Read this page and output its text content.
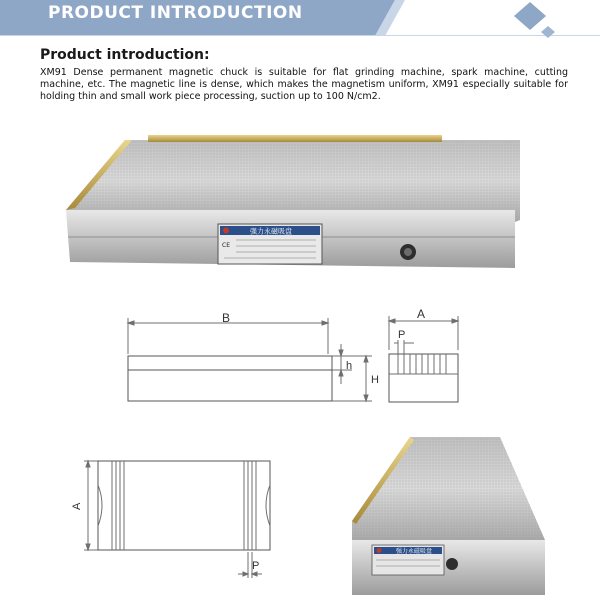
PRODUCT INTRODUCTION
Product introduction:
XM91 Dense permanent magnetic chuck is suitable for flat grinding machine, spark machine, cutting machine, etc. The magnetic line is dense, which makes the magnetism uniform, XM91 especially suitable for holding thin and small work piece processing, suction up to 100 N/cm2.
强力永磁吸盘
CE
B
h
H
A
P
A
P
强力永磁吸盘
